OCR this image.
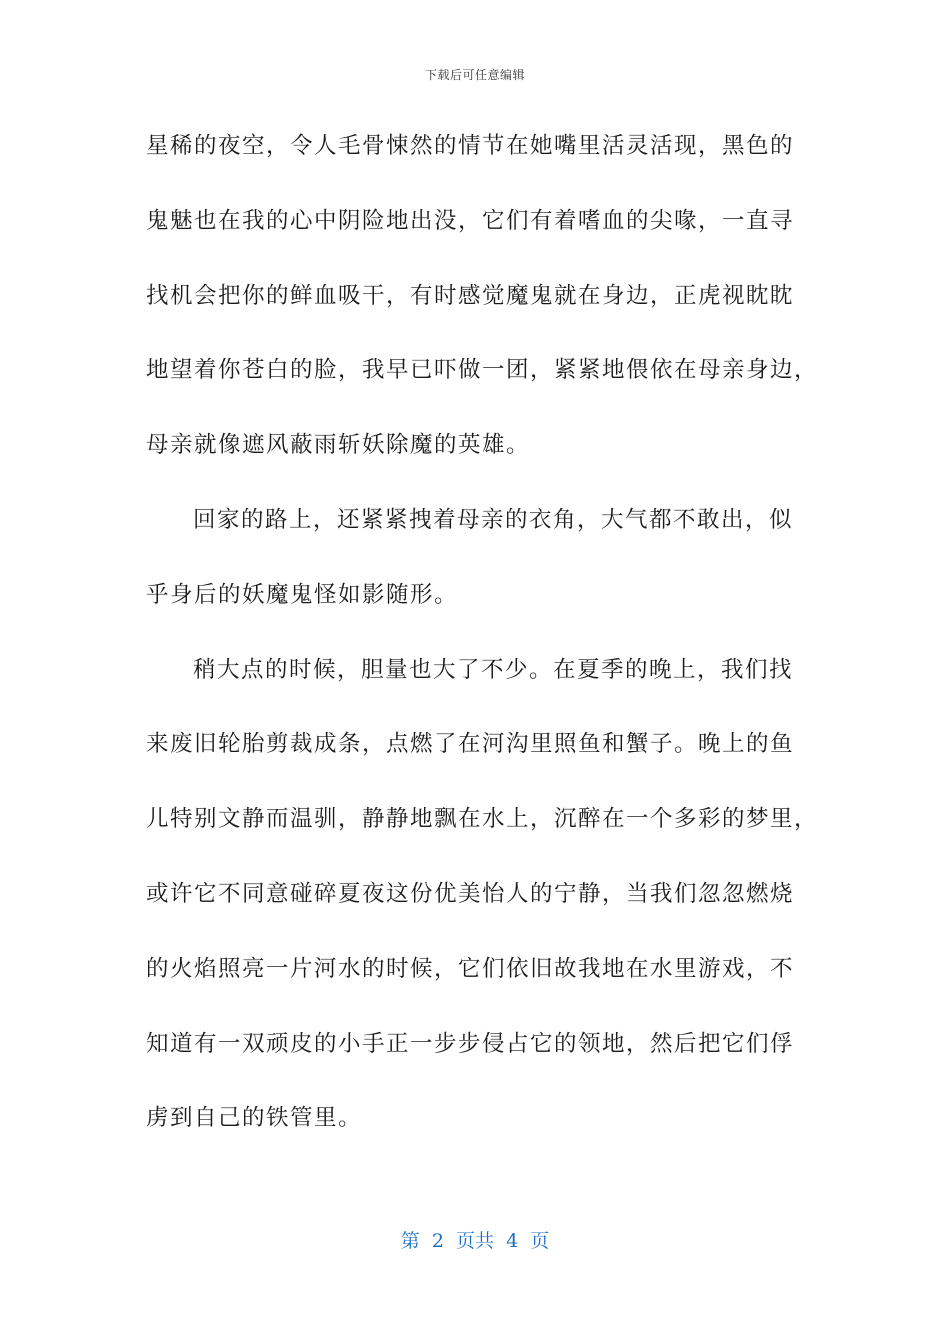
下载后可任意编辑
星稀的夜空，令人毛骨悚然的情节在她嘴里活灵活现，黑色的
鬼魅也在我的心中阴险地出没，它们有着嗜血的尖喙，一直寻
找机会把你的鲜血吸干，有时感觉魔鬼就在身边，正虎视眈眈
地望着你苍白的脸，我早已吓做一团，紧紧地偎依在母亲身边，
母亲就像遮风蔽雨斩妖除魔的英雄。
回家的路上，还紧紧拽着母亲的衣角，大气都不敢出，似
乎身后的妖魔鬼怪如影随形。
稍大点的时候，胆量也大了不少。在夏季的晚上，我们找
来废旧轮胎剪裁成条，点燃了在河沟里照鱼和蟹子。晚上的鱼
儿特别文静而温驯，静静地飘在水上，沉醉在一个多彩的梦里，
或许它不同意碰碎夏夜这份优美怡人的宁静，当我们忽忽燃烧
的火焰照亮一片河水的时候，它们依旧故我地在水里游戏，不
知道有一双顽皮的小手正一步步侵占它的领地，然后把它们俘
虏到自己的铁管里。
第  2  页共  4  页
